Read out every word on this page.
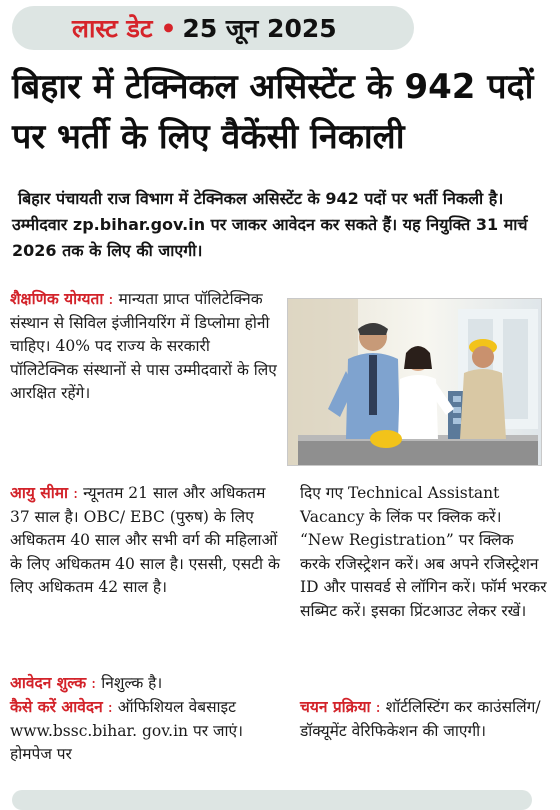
लास्ट डेट • 25 जून 2025
बिहार में टेक्निकल असिस्टेंट के 942 पदों पर भर्ती के लिए वैकेंसी निकाली

बिहार पंचायती राज विभाग में टेक्निकल असिस्टेंट के 942 पदों पर भर्ती निकली है। उम्मीदवार zp.bihar.gov.in पर जाकर आवेदन कर सकते हैं। यह नियुक्ति 31 मार्च 2026 तक के लिए की जाएगी।

शैक्षणिक योग्यता : मान्यता प्राप्त पॉलिटेक्निक संस्थान से सिविल इंजीनियरिंग में डिप्लोमा होनी चाहिए। 40% पद राज्य के सरकारी पॉलिटेक्निक संस्थानों से पास उम्मीदवारों के लिए आरक्षित रहेंगे।

आयु सीमा : न्यूनतम 21 साल और अधिकतम 37 साल है। OBC/ EBC (पुरुष) के लिए अधिकतम 40 साल और सभी वर्ग की महिलाओं के लिए अधिकतम 40 साल है। एससी, एसटी के लिए अधिकतम 42 साल है।

आवेदन शुल्क : निशुल्क है।

कैसे करें आवेदन : ऑफिशियल वेबसाइट www.bssc.bihar. gov.in पर जाएं। होमपेज पर

दिए गए Technical Assistant Vacancy के लिंक पर क्लिक करें। “New Registration” पर क्लिक करके रजिस्ट्रेशन करें। अब अपने रजिस्ट्रेशन ID और पासवर्ड से लॉगिन करें। फॉर्म भरकर सब्मिट करें। इसका प्रिंटआउट लेकर रखें।

चयन प्रक्रिया : शॉर्टलिस्टिंग कर काउंसलिंग/डॉक्यूमेंट वेरिफिकेशन की जाएगी।
